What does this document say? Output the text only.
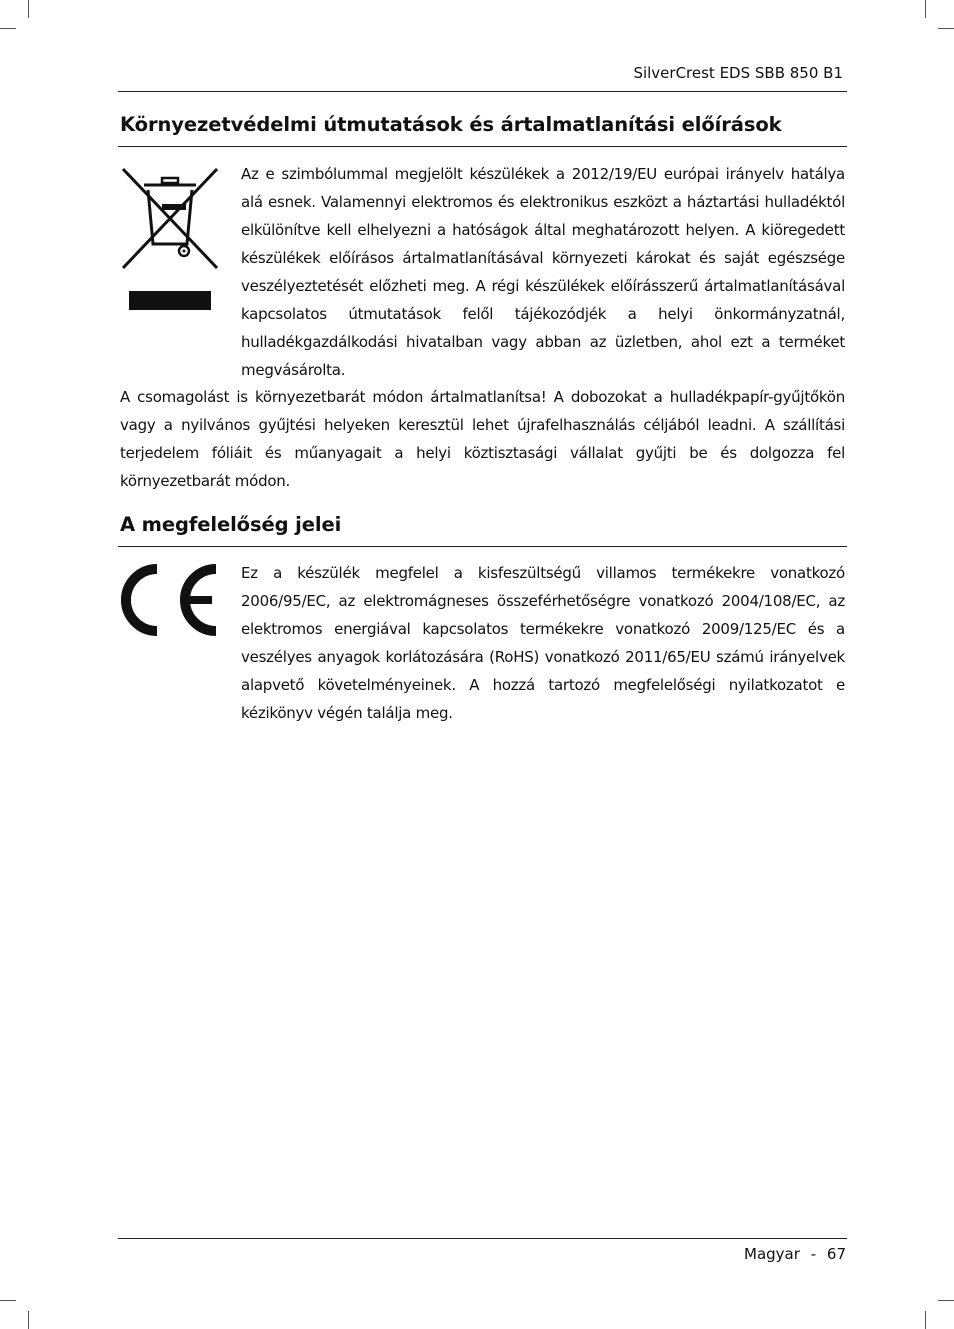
SilverCrest EDS SBB 850 B1
Környezetvédelmi útmutatások és ártalmatlanítási előírások

Az e szimbólummal megjelölt készülékek a 2012/19/EU európai irányelv hatálya alá esnek. Valamennyi elektromos és elektronikus eszközt a háztartási hulladéktól elkülönítve kell elhelyezni a hatóságok által meghatározott helyen. A kiöregedett készülékek előírásos ártalmatlanításával környezeti károkat és saját egészsége veszélyeztetését előzheti meg. A régi készülékek előírásszerű ártalmatlanításával kapcsolatos útmutatások felől tájékozódjék a helyi önkormányzatnál, hulladékgazdálkodási hivatalban vagy abban az üzletben, ahol ezt a terméket megvásárolta.

A csomagolást is környezetbarát módon ártalmatlanítsa! A dobozokat a hulladékpapír-gyűjtőkön vagy a nyilvános gyűjtési helyeken keresztül lehet újrafelhasználás céljából leadni. A szállítási terjedelem fóliáit és műanyagait a helyi köztisztasági vállalat gyűjti be és dolgozza fel környezetbarát módon.

A megfelelőség jelei

Ez a készülék megfelel a kisfeszültségű villamos termékekre vonatkozó 2006/95/EC, az elektromágneses összeférhetőségre vonatkozó 2004/108/EC, az elektromos energiával kapcsolatos termékekre vonatkozó 2009/125/EC és a veszélyes anyagok korlátozására (RoHS) vonatkozó 2011/65/EU számú irányelvek alapvető követelményeinek. A hozzá tartozó megfelelőségi nyilatkozatot e kézikönyv végén találja meg.

Magyar - 67
